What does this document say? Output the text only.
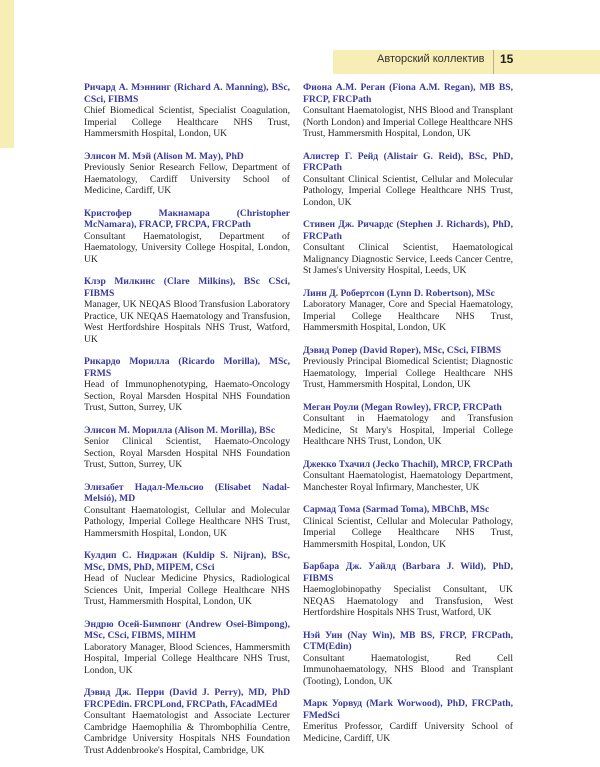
Авторский коллектив 15
Ричард А. Мэннинг (Richard A. Manning), BSc, CSci, FIBMS
Chief Biomedical Scientist, Specialist Coagulation, Imperial College Healthcare NHS Trust, Hammersmith Hospital, London, UK
Элисон М. Мэй (Alison M. May), PhD
Previously Senior Research Fellow, Department of Haematology, Cardiff University School of Medicine, Cardiff, UK
Кристофер Макнамара (Christopher McNamara), FRACP, FRCPA, FRCPath
Consultant Haematologist, Department of Haematology, University College Hospital, London, UK
Клэр Милкинс (Clare Milkins), BSc CSci, FIBMS
Manager, UK NEQAS Blood Transfusion Laboratory Practice, UK NEQAS Haematology and Transfusion, West Hertfordshire Hospitals NHS Trust, Watford, UK
Рикардо Морилла (Ricardo Morilla), MSc, FRMS
Head of Immunophenotyping, Haemato-Oncology Section, Royal Marsden Hospital NHS Foundation Trust, Sutton, Surrey, UK
Элисон М. Морилла (Alison M. Morilla), BSc
Senior Clinical Scientist, Haemato-Oncology Section, Royal Marsden Hospital NHS Foundation Trust, Sutton, Surrey, UK
Элизабет Надал-Мельсио (Elisabet Nadal-Melsió), MD
Consultant Haematologist, Cellular and Molecular Pathology, Imperial College Healthcare NHS Trust, Hammersmith Hospital, London, UK
Кулдип С. Нидржан (Kuldip S. Nijran), BSc, MSc, DMS, PhD, MIPEM, CSci
Head of Nuclear Medicine Physics, Radiological Sciences Unit, Imperial College Healthcare NHS Trust, Hammersmith Hospital, London, UK
Эндрю Осей-Бимпонг (Andrew Osei-Bimpong), MSc, CSci, FIBMS, MIHM
Laboratory Manager, Blood Sciences, Hammersmith Hospital, Imperial College Healthcare NHS Trust, London, UK
Дэвид Дж. Перри (David J. Perry), MD, PhD FRCPEdin. FRCPLond, FRCPath, FAcadMEd
Consultant Haematologist and Associate Lecturer Cambridge Haemophilia & Thrombophilia Centre, Cambridge University Hospitals NHS Foundation Trust Addenbrooke's Hospital, Cambridge, UK
Фиона А.М. Реган (Fiona A.M. Regan), MB BS, FRCP, FRCPath
Consultant Haematologist, NHS Blood and Transplant (North London) and Imperial College Healthcare NHS Trust, Hammersmith Hospital, London, UK
Алистер Г. Рейд (Alistair G. Reid), BSc, PhD, FRCPath
Consultant Clinical Scientist, Cellular and Molecular Pathology, Imperial College Healthcare NHS Trust, London, UK
Стивен Дж. Ричардс (Stephen J. Richards), PhD, FRCPath
Consultant Clinical Scientist, Haematological Malignancy Diagnostic Service, Leeds Cancer Centre, St James's University Hospital, Leeds, UK
Линн Д. Робертсон (Lynn D. Robertson), MSc
Laboratory Manager, Core and Special Haematology, Imperial College Healthcare NHS Trust, Hammersmith Hospital, London, UK
Дэвид Ропер (David Roper), MSc, CSci, FIBMS
Previously Principal Biomedical Scientist; Diagnostic Haematology, Imperial College Healthcare NHS Trust, Hammersmith Hospital, London, UK
Меган Роули (Megan Rowley), FRCP, FRCPath
Consultant in Haematology and Transfusion Medicine, St Mary's Hospital, Imperial College Healthcare NHS Trust, London, UK
Джекко Тхачил (Jecko Thachil), MRCP, FRCPath
Consultant Haematologist, Haematology Department, Manchester Royal Infirmary, Manchester, UK
Сармад Тома (Sarmad Toma), MBChB, MSc
Clinical Scientist, Cellular and Molecular Pathology, Imperial College Healthcare NHS Trust, Hammersmith Hospital, London, UK
Барбара Дж. Уайлд (Barbara J. Wild), PhD, FIBMS
Haemoglobinopathy Specialist Consultant, UK NEQAS Haematology and Transfusion, West Hertfordshire Hospitals NHS Trust, Watford, UK
Нэй Уин (Nay Win), MB BS, FRCP, FRCPath, CTM(Edin)
Consultant Haematologist, Red Cell Immunohaematology, NHS Blood and Transplant (Tooting), London, UK
Марк Уорвуд (Mark Worwood), PhD, FRCPath, FMedSci
Emeritus Professor, Cardiff University School of Medicine, Cardiff, UK
